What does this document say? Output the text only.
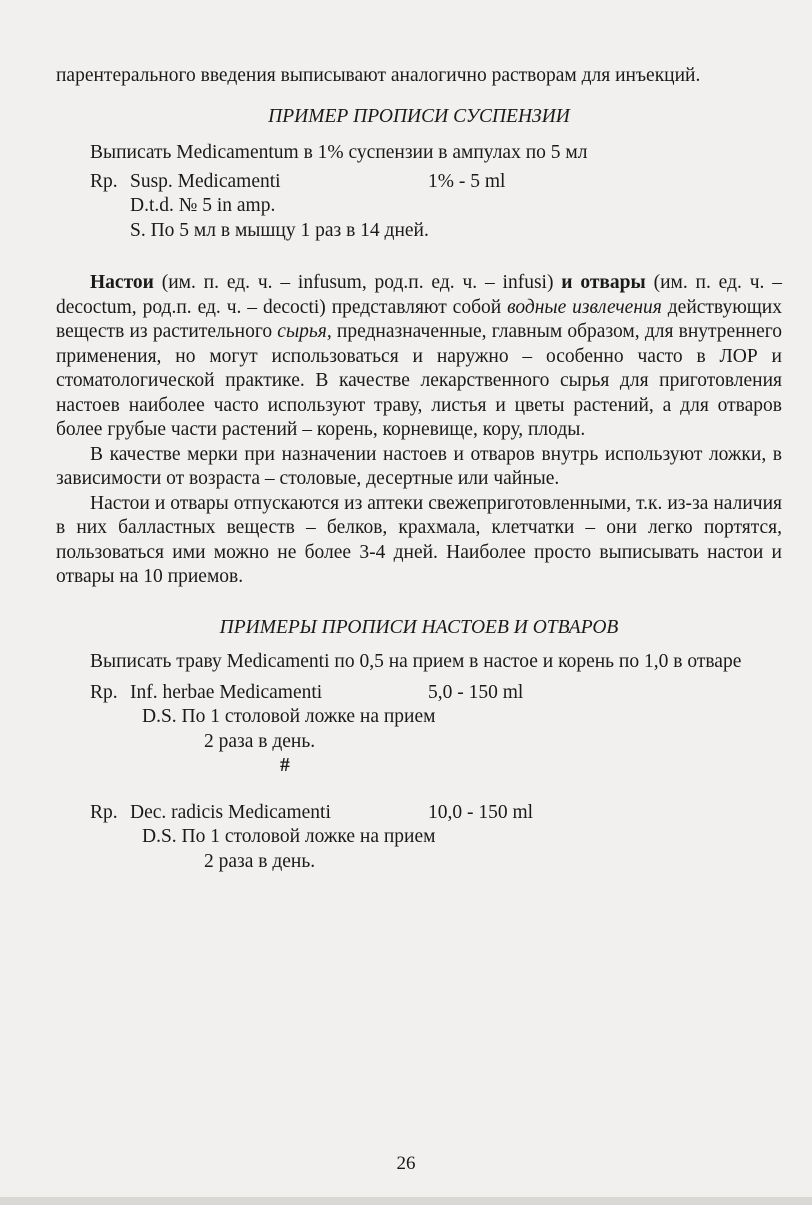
парентерального введения выписывают аналогично растворам для инъекций.

ПРИМЕР ПРОПИСИ СУСПЕНЗИИ

Выписать Medicamentum в 1% суспензии в ампулах по 5 мл

Rp. Susp. Medicamenti	1% - 5 ml

D.t.d. № 5 in amp.

S. По 5 мл в мышцу 1 раз в 14 дней.

Настои (им. п. ед. ч. – infusum, род.п. ед. ч. – infusi) и отвары (им. п. ед. ч. – decoctum, род.п. ед. ч. – decocti) представляют собой водные извлечения действующих веществ из растительного сырья, предназначенные, главным образом, для внутреннего применения, но могут использоваться и наружно – особенно часто в ЛОР и стоматологической практике. В качестве лекарственного сырья для приготовления настоев наиболее часто используют траву, листья и цветы растений, а для отваров более грубые части растений – корень, корневище, кору, плоды.

В качестве мерки при назначении настоев и отваров внутрь используют ложки, в зависимости от возраста – столовые, десертные или чайные.

Настои и отвары отпускаются из аптеки свежеприготовленными, т.к. из-за наличия в них балластных веществ – белков, крахмала, клетчатки – они легко портятся, пользоваться ими можно не более 3-4 дней. Наиболее просто выписывать настои и отвары на 10 приемов.

ПРИМЕРЫ ПРОПИСИ НАСТОЕВ И ОТВАРОВ

Выписать траву Medicamenti по 0,5 на прием в настое и корень по 1,0 в отваре

Rp. Inf. herbae Medicamenti	5,0 - 150 ml

D.S. По 1 столовой ложке на прием

2 раза в день.

#

Rp. Dec. radicis Medicamenti	10,0 - 150 ml

D.S. По 1 столовой ложке на прием

2 раза в день.

26
